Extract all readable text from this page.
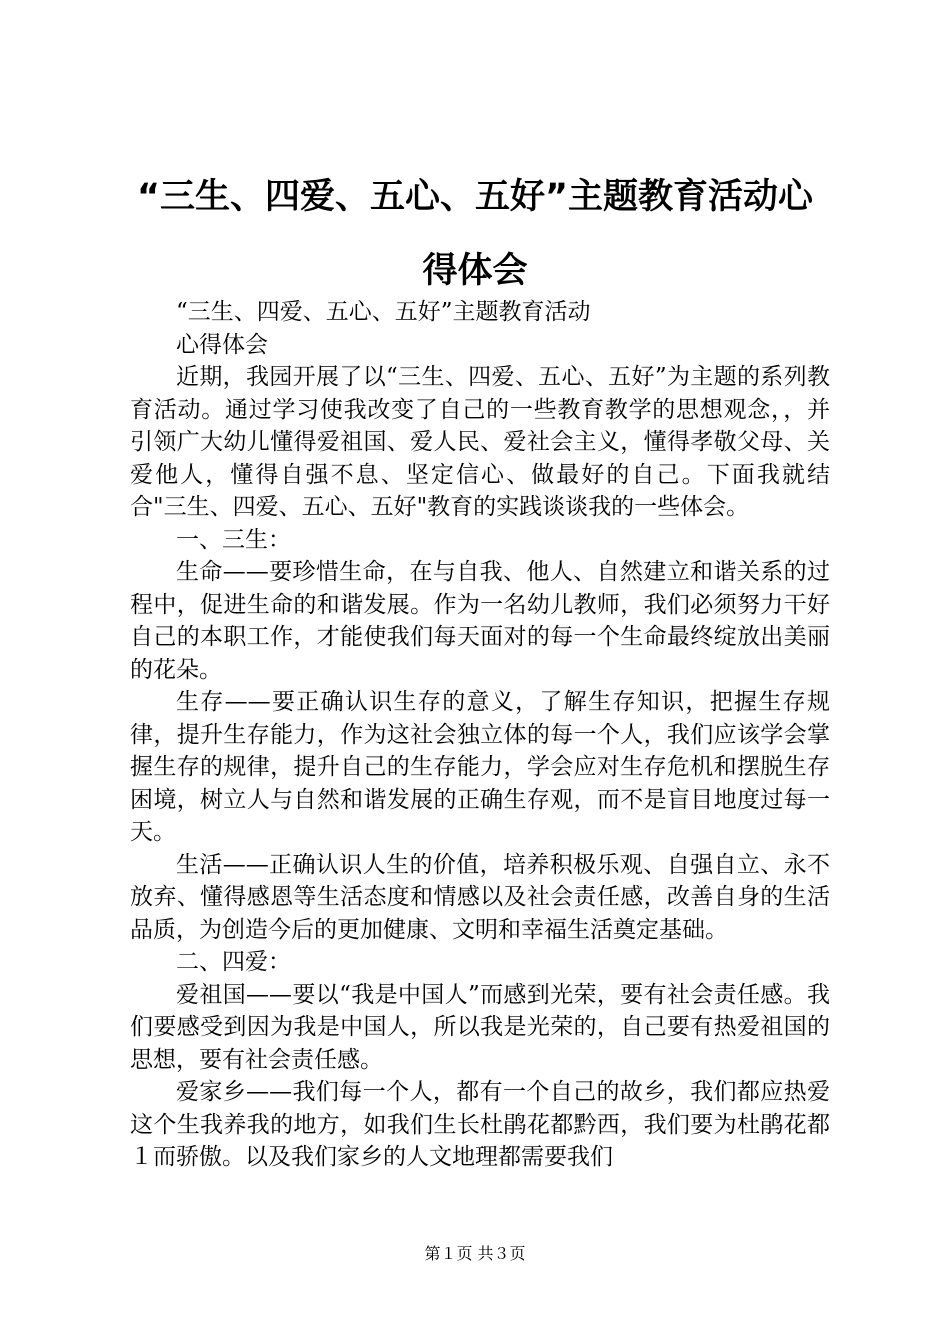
“三生、四爱、五心、五好”主题教育活动心得体会

“三生、四爱、五心、五好”主题教育活动

心得体会

近期，我园开展了以“三生、四爱、五心、五好”为主题的系列教育活动。通过学习使我改变了自己的一些教育教学的思想观念，，并引领广大幼儿懂得爱祖国、爱人民、爱社会主义，懂得孝敬父母、关爱他人，懂得自强不息、坚定信心、做最好的自己。下面我就结合"三生、四爱、五心、五好"教育的实践谈谈我的一些体会。

一、三生：

生命——要珍惜生命，在与自我、他人、自然建立和谐关系的过程中，促进生命的和谐发展。作为一名幼儿教师，我们必须努力干好自己的本职工作，才能使我们每天面对的每一个生命最终绽放出美丽的花朵。

生存——要正确认识生存的意义，了解生存知识，把握生存规律，提升生存能力，作为这社会独立体的每一个人，我们应该学会掌握生存的规律，提升自己的生存能力，学会应对生存危机和摆脱生存困境，树立人与自然和谐发展的正确生存观，而不是盲目地度过每一天。

生活——正确认识人生的价值，培养积极乐观、自强自立、永不放弃、懂得感恩等生活态度和情感以及社会责任感，改善自身的生活品质，为创造今后的更加健康、文明和幸福生活奠定基础。

二、四爱：

爱祖国——要以“我是中国人”而感到光荣，要有社会责任感。我们要感受到因为我是中国人，所以我是光荣的，自己要有热爱祖国的思想，要有社会责任感。

爱家乡——我们每一个人，都有一个自己的故乡，我们都应热爱这个生我养我的地方，如我们生长杜鹃花都黔西，我们要为杜鹃花都１而骄傲。以及我们家乡的人文地理都需要我们

第１页 共３页
